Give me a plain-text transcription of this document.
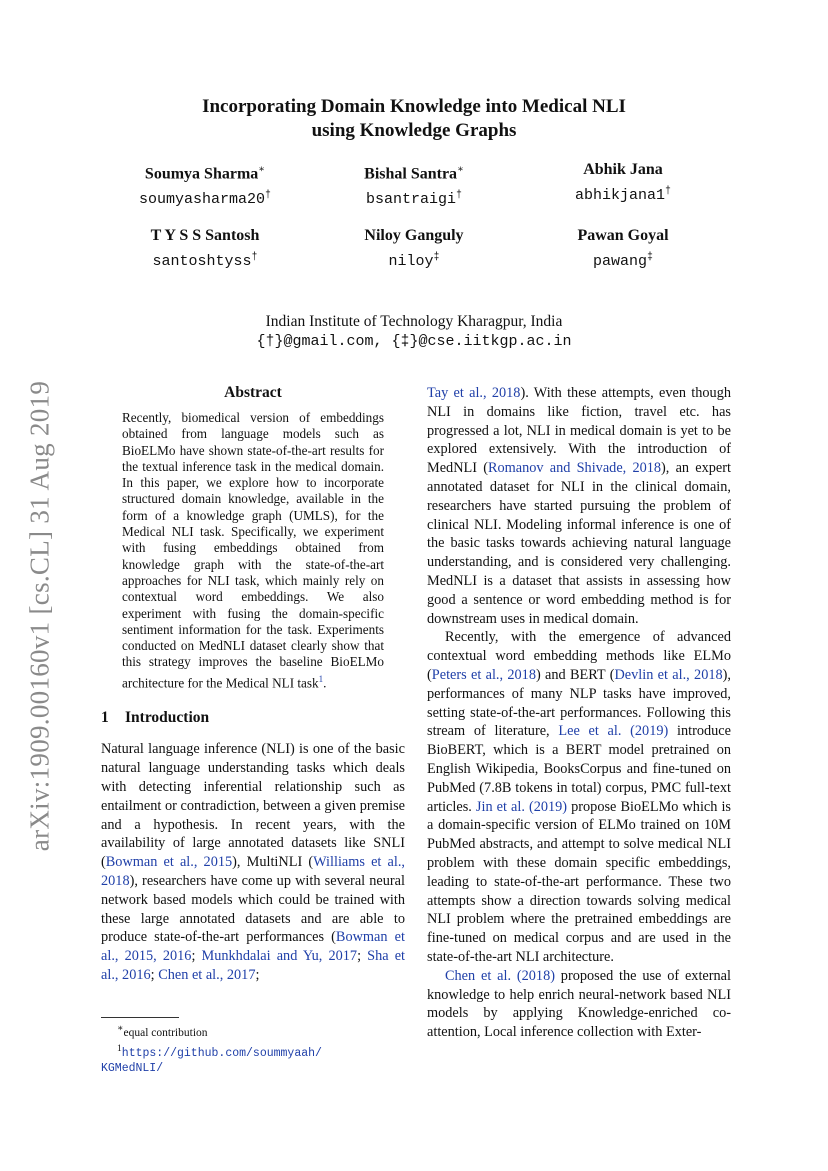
arXiv:1909.00160v1 [cs.CL] 31 Aug 2019
Incorporating Domain Knowledge into Medical NLI
using Knowledge Graphs
Soumya Sharma∗
soumyasharma20†
Bishal Santra∗
bsantraigi†
Abhik Jana
abhikjana1†
T Y S S Santosh
santoshtyss†
Niloy Ganguly
niloy‡
Pawan Goyal
pawang‡
Indian Institute of Technology Kharagpur, India
{†}@gmail.com, {‡}@cse.iitkgp.ac.in
Abstract
Recently, biomedical version of embeddings obtained from language models such as BioELMo have shown state-of-the-art results for the textual inference task in the medical domain. In this paper, we explore how to incorporate structured domain knowledge, available in the form of a knowledge graph (UMLS), for the Medical NLI task. Specifically, we experiment with fusing embeddings obtained from knowledge graph with the state-of-the-art approaches for NLI task, which mainly rely on contextual word embeddings. We also experiment with fusing the domain-specific sentiment information for the task. Experiments conducted on MedNLI dataset clearly show that this strategy improves the baseline BioELMo architecture for the Medical NLI task$^1$.
1 Introduction
Natural language inference (NLI) is one of the basic natural language understanding tasks which deals with detecting inferential relationship such as entailment or contradiction, between a given premise and a hypothesis. In recent years, with the availability of large annotated datasets like SNLI (Bowman et al., 2015), MultiNLI (Williams et al., 2018), researchers have come up with several neural network based models which could be trained with these large annotated datasets and are able to produce state-of-the-art performances (Bowman et al., 2015, 2016; Munkhdalai and Yu, 2017; Sha et al., 2016; Chen et al., 2017;
∗equal contribution
$^1$https://github.com/soummyaah/
KGMedNLI/
Tay et al., 2018). With these attempts, even though NLI in domains like fiction, travel etc. has progressed a lot, NLI in medical domain is yet to be explored extensively. With the introduction of MedNLI (Romanov and Shivade, 2018), an expert annotated dataset for NLI in the clinical domain, researchers have started pursuing the problem of clinical NLI. Modeling informal inference is one of the basic tasks towards achieving natural language understanding, and is considered very challenging. MedNLI is a dataset that assists in assessing how good a sentence or word embedding method is for downstream uses in medical domain.
Recently, with the emergence of advanced contextual word embedding methods like ELMo (Peters et al., 2018) and BERT (Devlin et al., 2018), performances of many NLP tasks have improved, setting state-of-the-art performances. Following this stream of literature, Lee et al. (2019) introduce BioBERT, which is a BERT model pretrained on English Wikipedia, BooksCorpus and fine-tuned on PubMed (7.8B tokens in total) corpus, PMC full-text articles. Jin et al. (2019) propose BioELMo which is a domain-specific version of ELMo trained on 10M PubMed abstracts, and attempt to solve medical NLI problem with these domain specific embeddings, leading to state-of-the-art performance. These two attempts show a direction towards solving medical NLI problem where the pretrained embeddings are fine-tuned on medical corpus and are used in the state-of-the-art NLI architecture.
Chen et al. (2018) proposed the use of external knowledge to help enrich neural-network based NLI models by applying Knowledge-enriched co-attention, Local inference collection with Exter-
